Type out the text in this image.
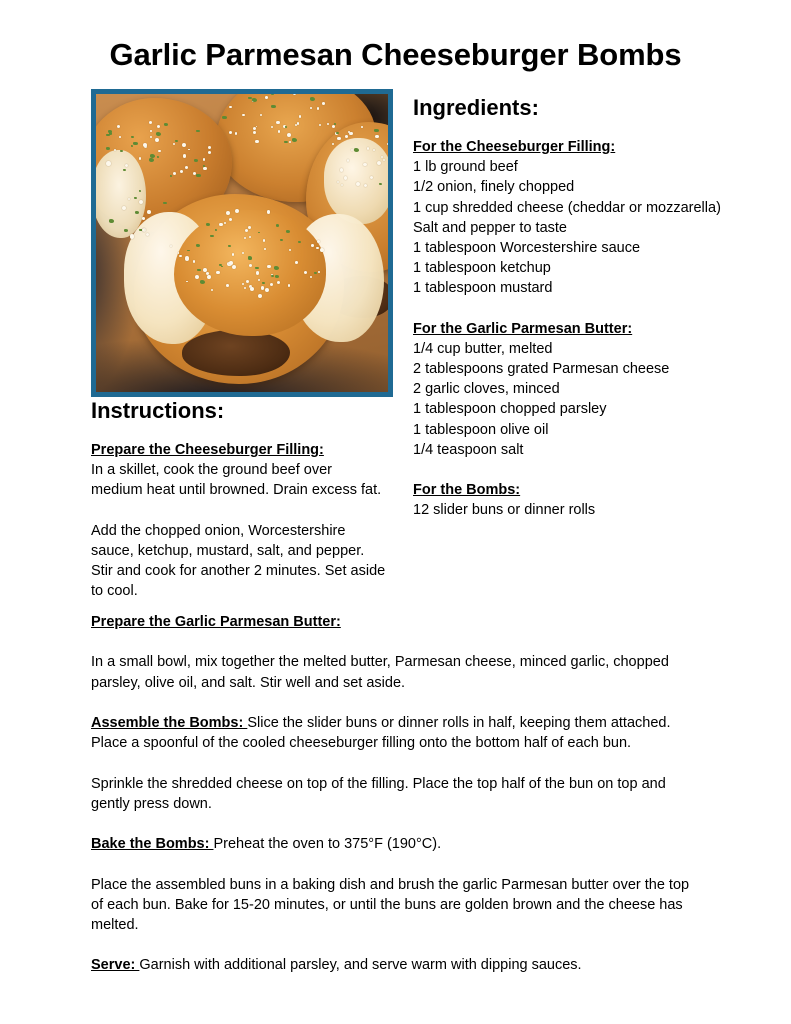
Garlic Parmesan Cheeseburger Bombs
Ingredients:
For the Cheeseburger Filling:
1 lb ground beef
1/2 onion, finely chopped
1 cup shredded cheese (cheddar or mozzarella)
Salt and pepper to taste
1 tablespoon Worcestershire sauce
1 tablespoon ketchup
1 tablespoon mustard
For the Garlic Parmesan Butter:
1/4 cup butter, melted
2 tablespoons grated Parmesan cheese
2 garlic cloves, minced
1 tablespoon chopped parsley
1 tablespoon olive oil
1/4 teaspoon salt
For the Bombs:
12 slider buns or dinner rolls
Instructions:
Prepare the Cheeseburger Filling:

In a skillet, cook the ground beef over medium heat until browned. Drain excess fat.

Add the chopped onion, Worcestershire sauce, ketchup, mustard, salt, and pepper. Stir and cook for another 2 minutes. Set aside to cool.

Prepare the Garlic Parmesan Butter:

In a small bowl, mix together the melted butter, Parmesan cheese, minced garlic, chopped parsley, olive oil, and salt. Stir well and set aside.

Assemble the Bombs: Slice the slider buns or dinner rolls in half, keeping them attached. Place a spoonful of the cooled cheeseburger filling onto the bottom half of each bun.

Sprinkle the shredded cheese on top of the filling. Place the top half of the bun on top and gently press down.

Bake the Bombs: Preheat the oven to 375°F (190°C).

Place the assembled buns in a baking dish and brush the garlic Parmesan butter over the top of each bun. Bake for 15-20 minutes, or until the buns are golden brown and the cheese has melted.

Serve: Garnish with additional parsley, and serve warm with dipping sauces.
